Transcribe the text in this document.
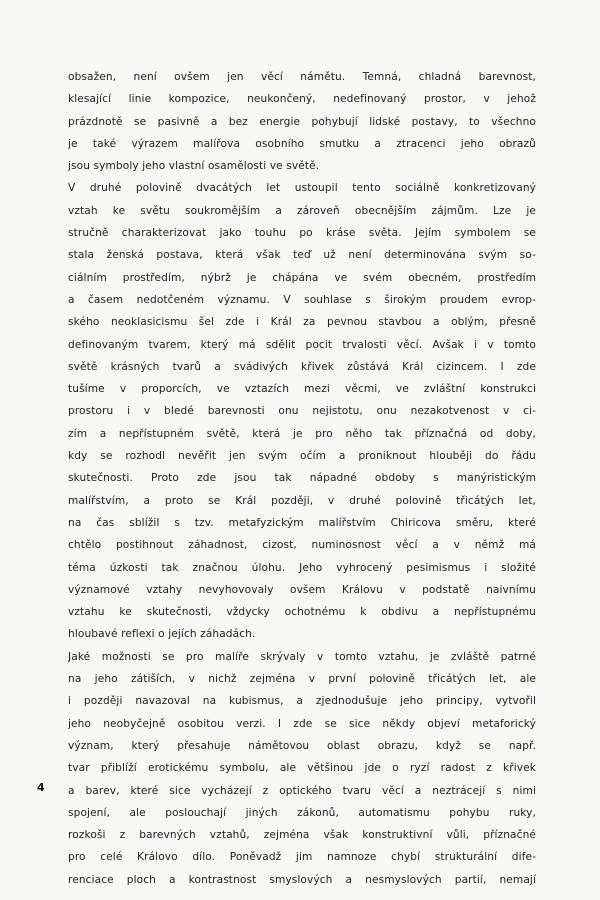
obsažen, není ovšem jen věcí námětu. Temná, chladná barevnost,
klesající linie kompozice, neukončený, nedefinovaný prostor, v jehož
prázdnotě se pasivně a bez energie pohybují lidské postavy, to všechno
je také výrazem malířova osobního smutku a ztracenci jeho obrazů
jsou symboly jeho vlastní osamělosti ve světě.
V druhé polovině dvacátých let ustoupil tento sociálně konkretizovaný
vztah ke světu soukromějším a zároveň obecnějším zájmům. Lze je
stručně charakterizovat jako touhu po kráse světa. Jejím symbolem se
stala ženská postava, která však teď už není determinována svým so-
ciálním prostředím, nýbrž je chápána ve svém obecném, prostředím
a časem nedotčeném významu. V souhlase s širokým proudem evrop-
ského neoklasicismu šel zde i Král za pevnou stavbou a oblým, přesně
definovaným tvarem, který má sdělit pocit trvalosti věcí. Avšak i v tomto
světě krásných tvarů a svádivých křivek zůstává Král cizincem. I zde
tušíme v proporcích, ve vztazích mezi věcmi, ve zvláštní konstrukci
prostoru i v bledé barevnosti onu nejistotu, onu nezakotvenost v ci-
zím a nepřístupném světě, která je pro něho tak příznačná od doby,
kdy se rozhodl nevěřit jen svým očím a proniknout hlouběji do řádu
skutečnosti. Proto zde jsou tak nápadné obdoby s manýristickým
malířstvím, a proto se Král později, v druhé polovině třicátých let,
na čas sblížil s tzv. metafyzickým malířstvím Chiricova směru, které
chtělo postihnout záhadnost, cizost, numinosnost věcí a v němž má
téma úzkosti tak značnou úlohu. Jeho vyhrocený pesimismus i složité
významové vztahy nevyhovovaly ovšem Královu v podstatě naivnímu
vztahu ke skutečnosti, vždycky ochotnému k obdivu a nepřístupnému
hloubavé reflexi o jejích záhadách.
Jaké možnosti se pro malíře skrývaly v tomto vztahu, je zvláště patrné
na jeho zátiších, v nichž zejména v první polovině třicátých let, ale
i později navazoval na kubismus, a zjednodušuje jeho principy, vytvořil
jeho neobyčejně osobitou verzi. I zde se sice někdy objeví metaforický
význam, který přesahuje námětovou oblast obrazu, když se např.
tvar přiblíží erotickému symbolu, ale většinou jde o ryzí radost z křivek
a barev, které sice vycházejí z optického tvaru věcí a neztrácejí s nimi
spojení, ale poslouchají jiných zákonů, automatismu pohybu ruky,
rozkoši z barevných vztahů, zejména však konstruktivní vůli, příznačné
pro celé Královo dílo. Poněvadž jim namnoze chybí strukturální dife-
renciace ploch a kontrastnost smyslových a nesmyslových partií, nemají
4
